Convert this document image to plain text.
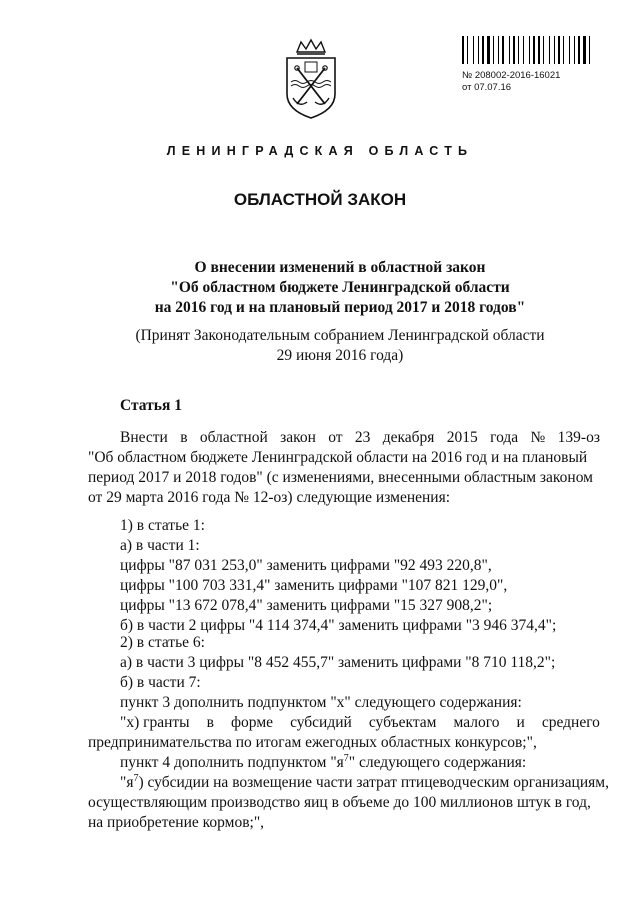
№ 208002-2016-16021
от 07.07.16
ЛЕНИНГРАДСКАЯ ОБЛАСТЬ
ОБЛАСТНОЙ ЗАКОН
О внесении изменений в областной закон
"Об областном бюджете Ленинградской области
на 2016 год и на плановый период 2017 и 2018 годов"
(Принят Законодательным собранием Ленинградской области
29 июня 2016 года)
Статья 1
Внести в областной закон от 23 декабря 2015 года № 139-оз
"Об областном бюджете Ленинградской области на 2016 год и на плановый
период 2017 и 2018 годов" (с изменениями, внесенными областным законом
от 29 марта 2016 года № 12-оз) следующие изменения:
1) в статье 1:
а) в части 1:
цифры "87 031 253,0" заменить цифрами "92 493 220,8",
цифры "100 703 331,4" заменить цифрами "107 821 129,0",
цифры "13 672 078,4" заменить цифрами "15 327 908,2";
б) в части 2 цифры "4 114 374,4" заменить цифрами "3 946 374,4";
2) в статье 6:
а) в части 3 цифры "8 452 455,7" заменить цифрами "8 710 118,2";
б) в части 7:
пункт 3 дополнить подпунктом "х" следующего содержания:
"х) гранты в форме субсидий субъектам малого и среднего
предпринимательства по итогам ежегодных областных конкурсов;",
пункт 4 дополнить подпунктом "$я^7$" следующего содержания:
"$я^7$) субсидии на возмещение части затрат птицеводческим организациям,
осуществляющим производство яиц в объеме до 100 миллионов штук в год,
на приобретение кормов;",
